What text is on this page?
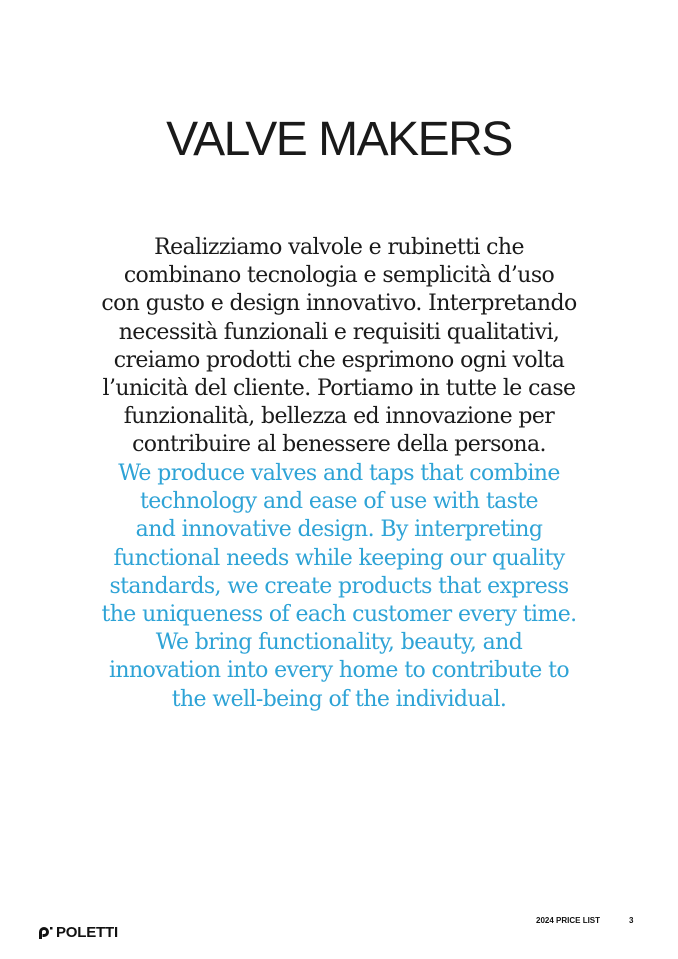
VALVE MAKERS
Realizziamo valvole e rubinetti che
combinano tecnologia e semplicità d’uso
con gusto e design innovativo. Interpretando
necessità funzionali e requisiti qualitativi,
creiamo prodotti che esprimono ogni volta
l’unicità del cliente. Portiamo in tutte le case
funzionalità, bellezza ed innovazione per
contribuire al benessere della persona.
We produce valves and taps that combine
technology and ease of use with taste
and innovative design. By interpreting
functional needs while keeping our quality
standards, we create products that express
the uniqueness of each customer every time.
We bring functionality, beauty, and
innovation into every home to contribute to
the well-being of the individual.
POLETTI
2024 PRICE LIST	3
